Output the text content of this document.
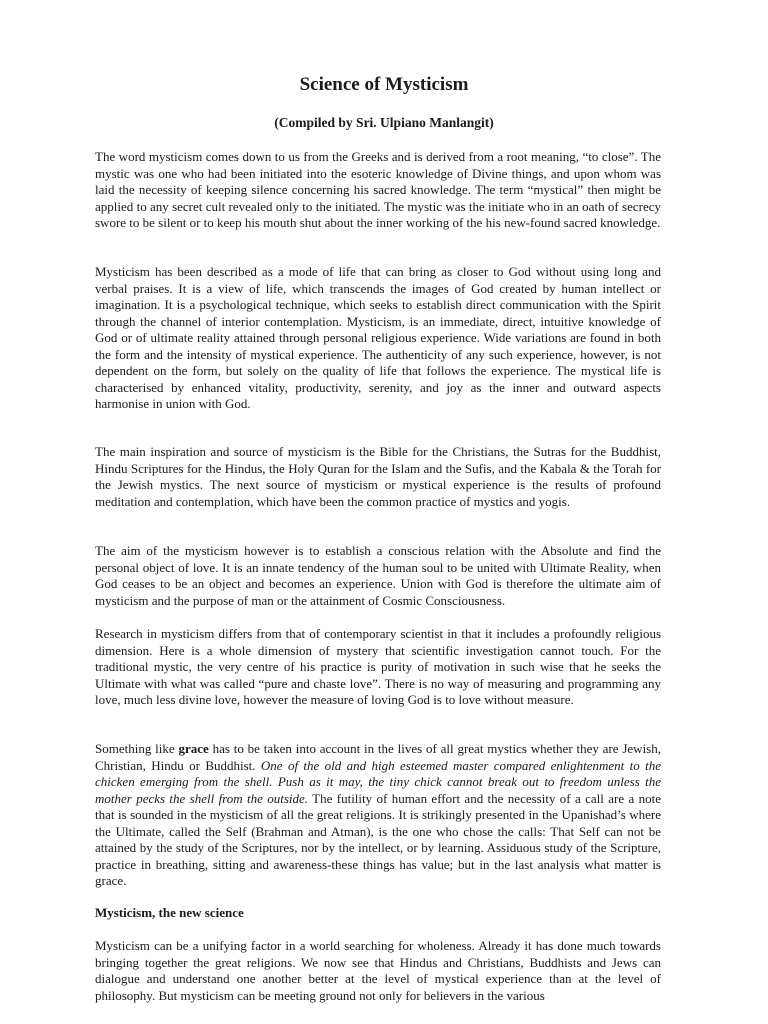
Science of Mysticism
(Compiled by Sri. Ulpiano Manlangit)

The word mysticism comes down to us from the Greeks and is derived from a root meaning, “to close”. The mystic was one who had been initiated into the esoteric knowledge of Divine things, and upon whom was laid the necessity of keeping silence concerning his sacred knowledge. The term “mystical” then might be applied to any secret cult revealed only to the initiated. The mystic was the initiate who in an oath of secrecy swore to be silent or to keep his mouth shut about the inner working of the his new-found sacred knowledge.

Mysticism has been described as a mode of life that can bring as closer to God without using long and verbal praises. It is a view of life, which transcends the images of God created by human intellect or imagination. It is a psychological technique, which seeks to establish direct communication with the Spirit through the channel of interior contemplation. Mysticism, is an immediate, direct, intuitive knowledge of God or of ultimate reality attained through personal religious experience. Wide variations are found in both the form and the intensity of mystical experience. The authenticity of any such experience, however, is not dependent on the form, but solely on the quality of life that follows the experience. The mystical life is characterised by enhanced vitality, productivity, serenity, and joy as the inner and outward aspects harmonise in union with God.

The main inspiration and source of mysticism is the Bible for the Christians, the Sutras for the Buddhist, Hindu Scriptures for the Hindus, the Holy Quran for the Islam and the Sufis, and the Kabala & the Torah for the Jewish mystics. The next source of mysticism or mystical experience is the results of profound meditation and contemplation, which have been the common practice of mystics and yogis.

The aim of the mysticism however is to establish a conscious relation with the Absolute and find the personal object of love. It is an innate tendency of the human soul to be united with Ultimate Reality, when God ceases to be an object and becomes an experience. Union with God is therefore the ultimate aim of mysticism and the purpose of man or the attainment of Cosmic Consciousness.

Research in mysticism differs from that of contemporary scientist in that it includes a profoundly religious dimension. Here is a whole dimension of mystery that scientific investigation cannot touch. For the traditional mystic, the very centre of his practice is purity of motivation in such wise that he seeks the Ultimate with what was called “pure and chaste love”. There is no way of measuring and programming any love, much less divine love, however the measure of loving God is to love without measure.

Something like grace has to be taken into account in the lives of all great mystics whether they are Jewish, Christian, Hindu or Buddhist. One of the old and high esteemed master compared enlightenment to the chicken emerging from the shell. Push as it may, the tiny chick cannot break out to freedom unless the mother pecks the shell from the outside. The futility of human effort and the necessity of a call are a note that is sounded in the mysticism of all the great religions. It is strikingly presented in the Upanishad’s where the Ultimate, called the Self (Brahman and Atman), is the one who chose the calls: That Self can not be attained by the study of the Scriptures, nor by the intellect, or by learning. Assiduous study of the Scripture, practice in breathing, sitting and awareness-these things has value; but in the last analysis what matter is grace.

Mysticism, the new science

Mysticism can be a unifying factor in a world searching for wholeness. Already it has done much towards bringing together the great religions. We now see that Hindus and Christians, Buddhists and Jews can dialogue and understand one another better at the level of mystical experience than at the level of philosophy. But mysticism can be meeting ground not only for believers in the various
